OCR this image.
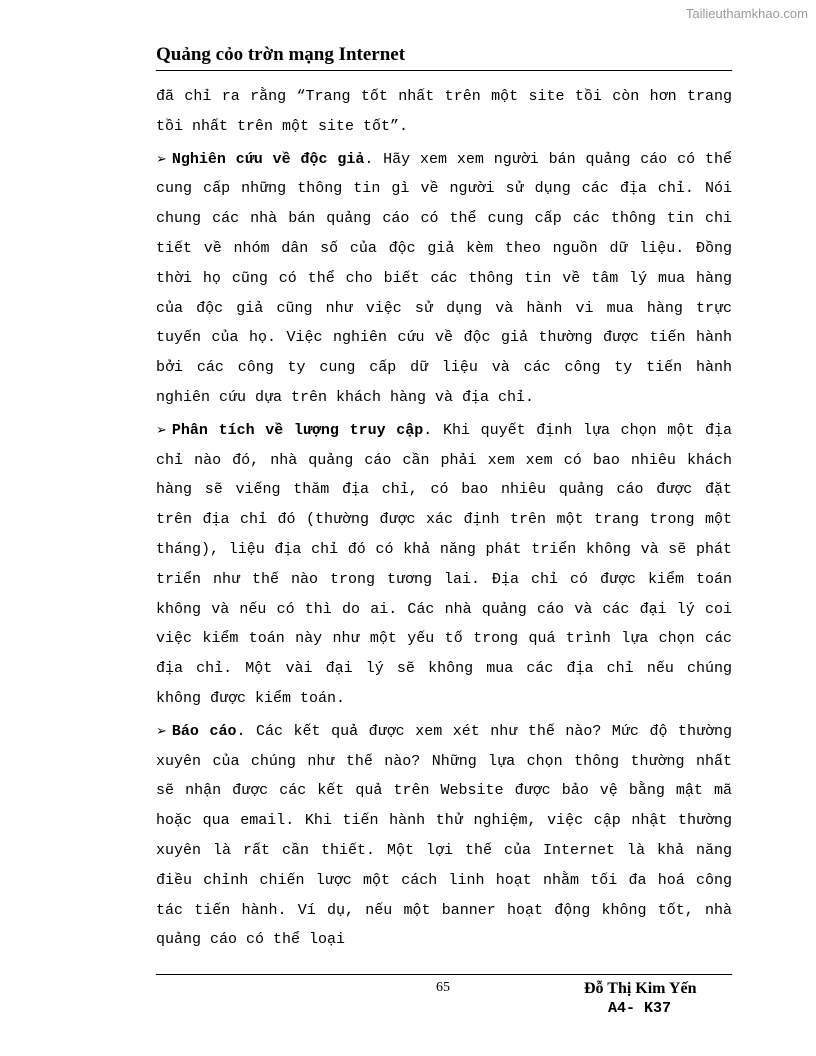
Tailieuthamkhao.com
Quảng cỏo trờn mạng Internet

đã chỉ ra rằng “Trang tốt nhất trên một site tồi còn hơn trang tồi nhất trên một site tốt”.

➢ Nghiên cứu về độc giả. Hãy xem xem người bán quảng cáo có thể cung cấp những thông tin gì về người sử dụng các địa chỉ. Nói chung các nhà bán quảng cáo có thể cung cấp các thông tin chi tiết về nhóm dân số của độc giả kèm theo nguồn dữ liệu. Đồng thời họ cũng có thể cho biết các thông tin về tâm lý mua hàng của độc giả cũng như việc sử dụng và hành vi mua hàng trực tuyến của họ. Việc nghiên cứu về độc giả thường được tiến hành bởi các công ty cung cấp dữ liệu và các công ty tiến hành nghiên cứu dựa trên khách hàng và địa chỉ.
➢ Phân tích về lượng truy cập. Khi quyết định lựa chọn một địa chỉ nào đó, nhà quảng cáo cần phải xem xem có bao nhiêu khách hàng sẽ viếng thăm địa chỉ, có bao nhiêu quảng cáo được đặt trên địa chỉ đó (thường được xác định trên một trang trong một tháng), liệu địa chỉ đó có khả năng phát triển không và sẽ phát triển như thế nào trong tương lai. Địa chỉ có được kiểm toán không và nếu có thì do ai. Các nhà quảng cáo và các đại lý coi việc kiểm toán này như một yếu tố trong quá trình lựa chọn các địa chỉ. Một vài đại lý sẽ không mua các địa chỉ nếu chúng không được kiểm toán.
➢ Báo cáo. Các kết quả được xem xét như thế nào? Mức độ thường xuyên của chúng như thế nào? Những lựa chọn thông thường nhất sẽ nhận được các kết quả trên Website được bảo vệ bằng mật mã hoặc qua email. Khi tiến hành thử nghiệm, việc cập nhật thường xuyên là rất cần thiết. Một lợi thế của Internet là khả năng điều chỉnh chiến lược một cách linh hoạt nhằm tối đa hoá công tác tiến hành. Ví dụ, nếu một banner hoạt động không tốt, nhà quảng cáo có thể loại
65	Đỗ Thị Kim Yến
A4- K37
